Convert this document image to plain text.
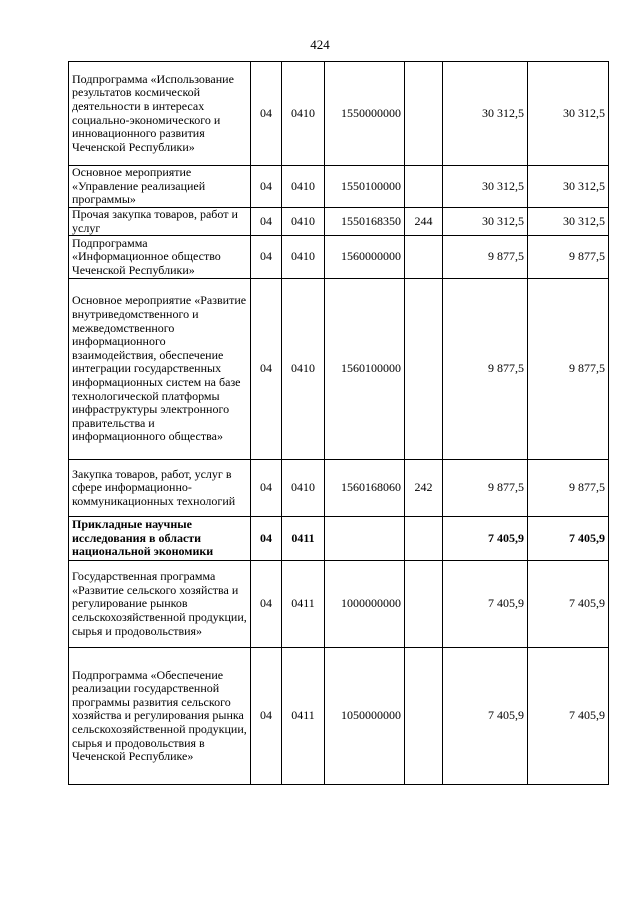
424
Подпрограмма «Использование результатов космической деятельности в интересах социально-экономического и инновационного развития Чеченской Республики»	04	0410	1550000000		30 312,5	30 312,5
Основное мероприятие «Управление реализацией программы»	04	0410	1550100000		30 312,5	30 312,5
Прочая закупка товаров, работ и услуг	04	0410	1550168350	244	30 312,5	30 312,5
Подпрограмма «Информационное общество Чеченской Республики»	04	0410	1560000000		9 877,5	9 877,5
Основное мероприятие «Развитие внутриведомственного и межведомственного информационного взаимодействия, обеспечение интеграции государственных информационных систем на базе технологической платформы инфраструктуры электронного правительства и информационного общества»	04	0410	1560100000		9 877,5	9 877,5
Закупка товаров, работ, услуг в сфере информационно-коммуникационных технологий	04	0410	1560168060	242	9 877,5	9 877,5
Прикладные научные исследования в области национальной экономики	04	0411			7 405,9	7 405,9
Государственная программа «Развитие сельского хозяйства и регулирование рынков сельскохозяйственной продукции, сырья и продовольствия»	04	0411	1000000000		7 405,9	7 405,9
Подпрограмма «Обеспечение реализации государственной программы развития сельского хозяйства и регулирования рынка сельскохозяйственной продукции, сырья и продовольствия в Чеченской Республике»	04	0411	1050000000		7 405,9	7 405,9
